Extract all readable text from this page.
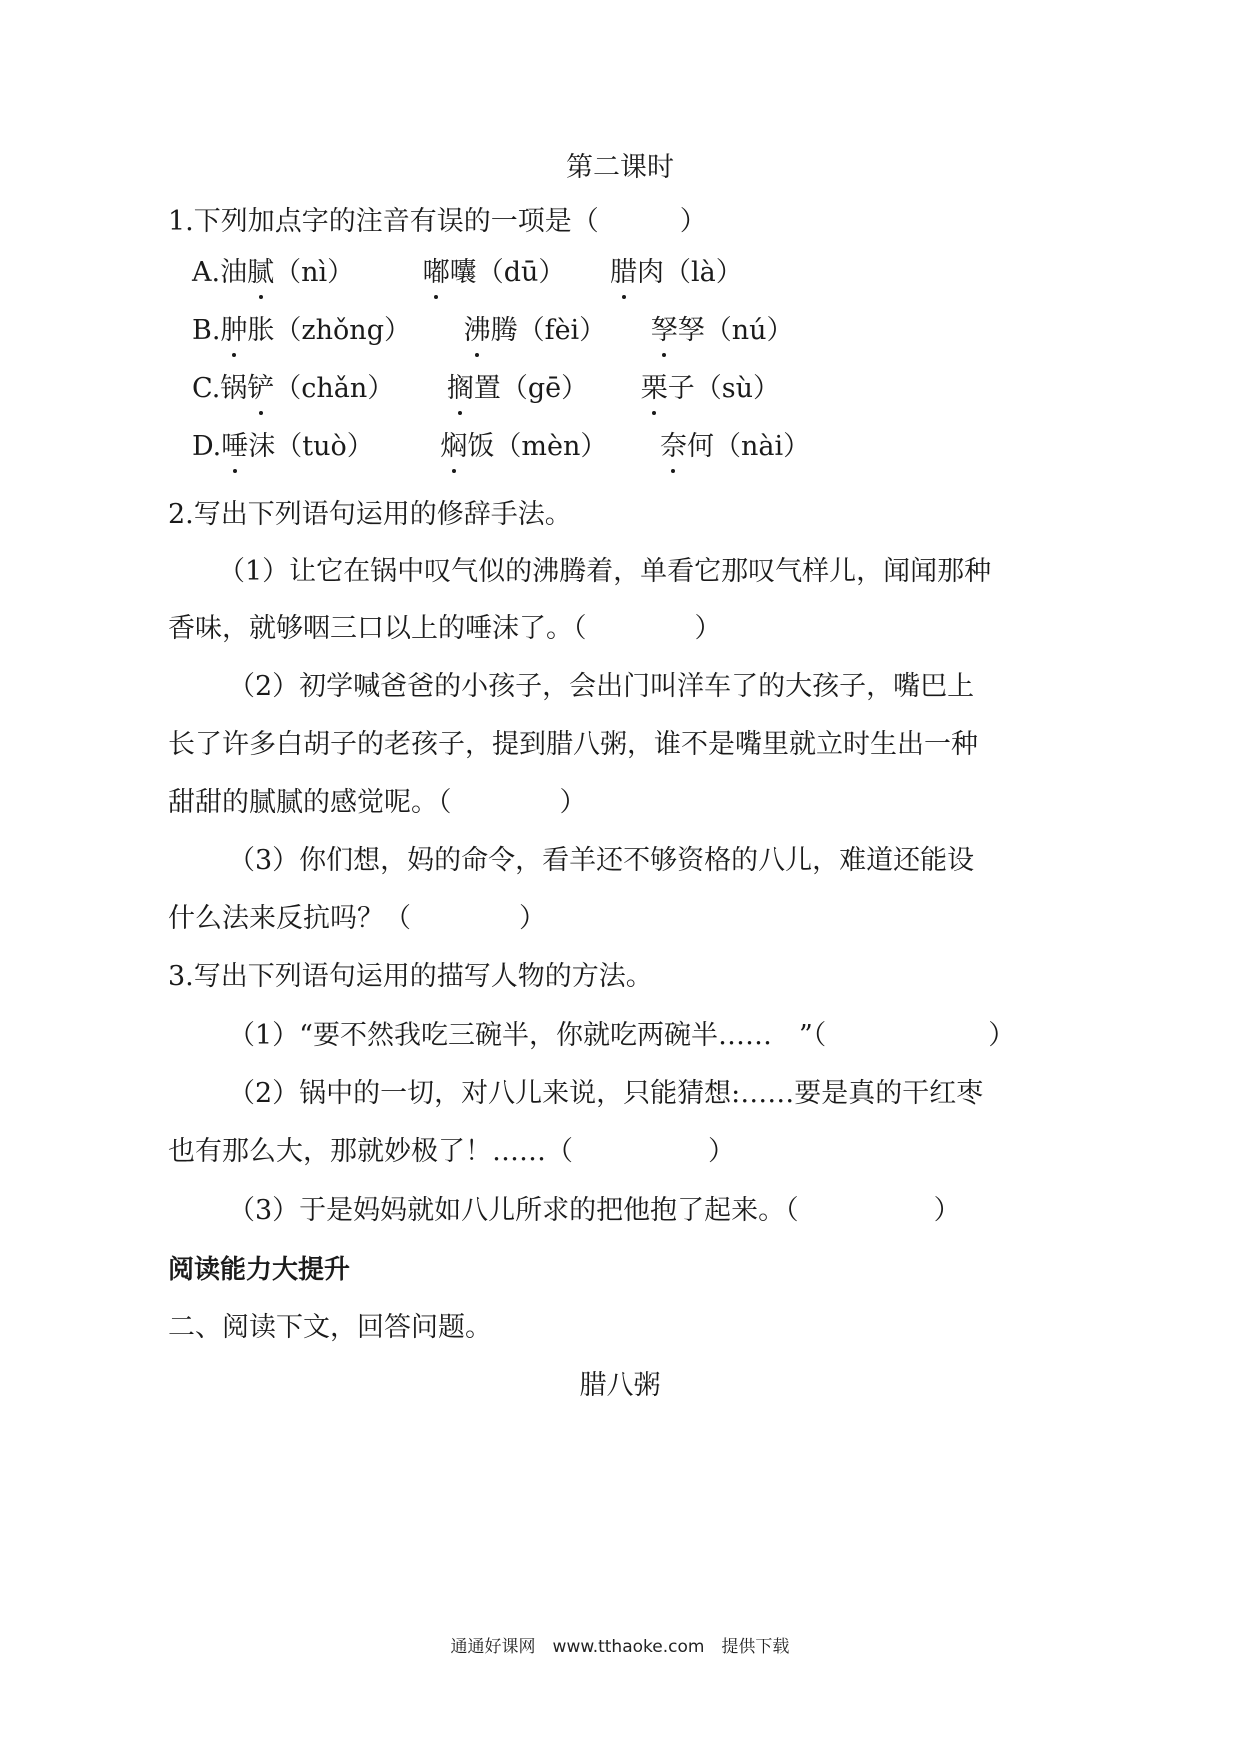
第二课时
1.下列加点字的注音有误的一项是（　　　）
A.油腻（nì）	嘟囔（dū） 腊肉（là）
B.肿胀（zhǒng） 沸腾（fèi） 孥孥（nú）
C.锅铲（chǎn） 搁置（gē） 栗子（sù）
D.唾沫（tuò） 焖饭（mèn） 奈何（nài）
2.写出下列语句运用的修辞手法。
（1）让它在锅中叹气似的沸腾着，单看它那叹气样儿，闻闻那种
香味，就够咽三口以上的唾沫了。（　　　　）
（2）初学喊爸爸的小孩子，会出门叫洋车了的大孩子，嘴巴上
长了许多白胡子的老孩子，提到腊八粥，谁不是嘴里就立时生出一种
甜甜的腻腻的感觉呢。（　　　　）
（3）你们想，妈的命令，看羊还不够资格的八儿，难道还能设
什么法来反抗吗？（　　　　）
3.写出下列语句运用的描写人物的方法。
（1）“要不然我吃三碗半，你就吃两碗半……　”（　　　　　　）
（2）锅中的一切，对八儿来说，只能猜想:……要是真的干红枣
也有那么大，那就妙极了！……（　　　　　）
（3）于是妈妈就如八儿所求的把他抱了起来。（　　　　　）
阅读能力大提升
二、阅读下文，回答问题。
腊八粥
通通好课网　www.tthaoke.com　提供下载
